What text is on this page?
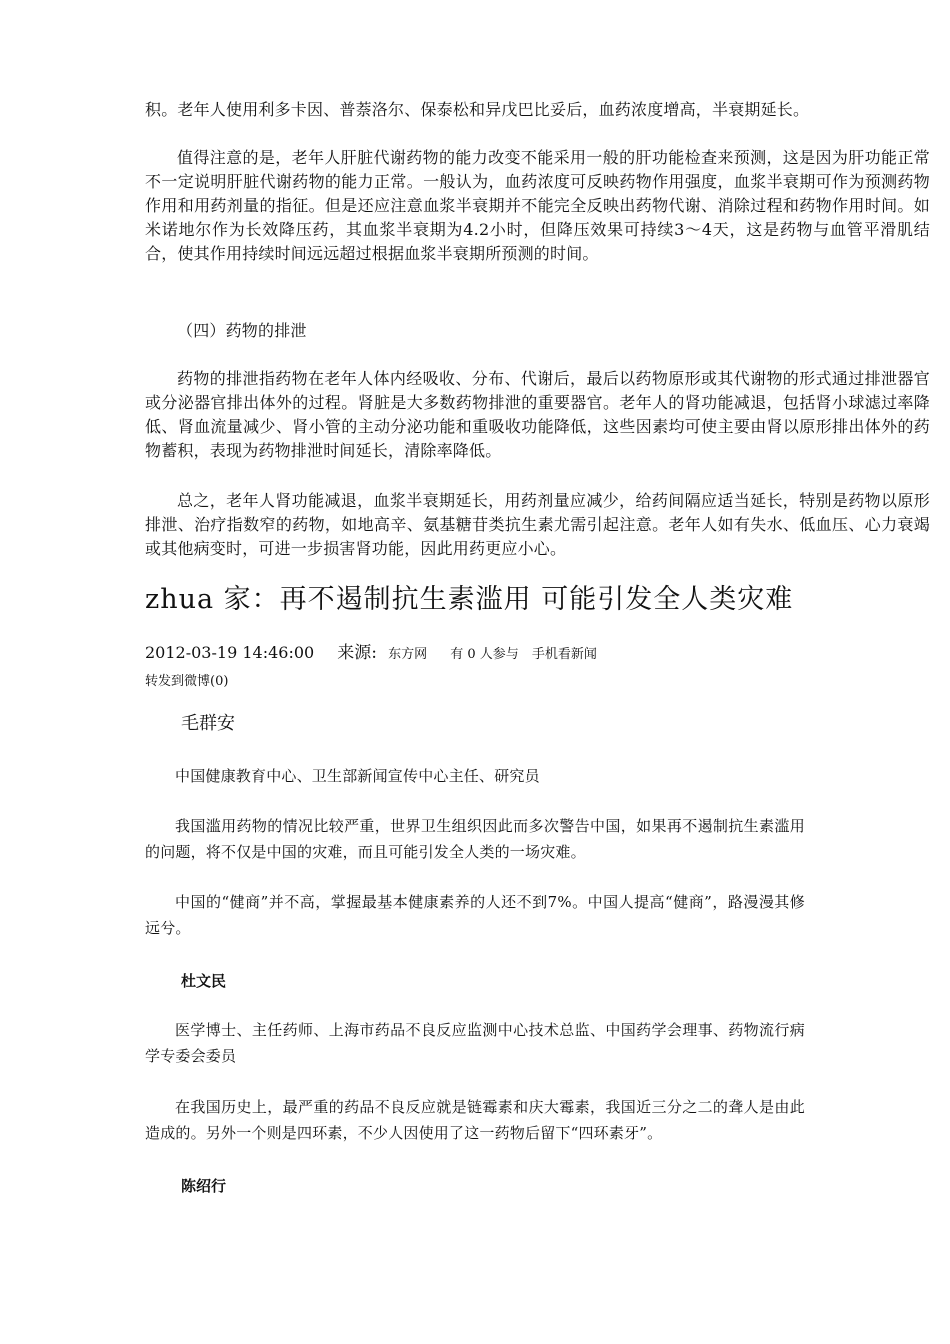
积。老年人使用利多卡因、普萘洛尔、保泰松和异戊巴比妥后，血药浓度增高，半衰期延长。

值得注意的是，老年人肝脏代谢药物的能力改变不能采用一般的肝功能检查来预测，这是因为肝功能正常不一定说明肝脏代谢药物的能力正常。一般认为，血药浓度可反映药物作用强度，血浆半衰期可作为预测药物作用和用药剂量的指征。但是还应注意血浆半衰期并不能完全反映出药物代谢、消除过程和药物作用时间。如米诺地尔作为长效降压药，其血浆半衰期为4.2小时，但降压效果可持续3～4天，这是药物与血管平滑肌结合，使其作用持续时间远远超过根据血浆半衰期所预测的时间。

（四）药物的排泄

药物的排泄指药物在老年人体内经吸收、分布、代谢后，最后以药物原形或其代谢物的形式通过排泄器官或分泌器官排出体外的过程。肾脏是大多数药物排泄的重要器官。老年人的肾功能减退，包括肾小球滤过率降低、肾血流量减少、肾小管的主动分泌功能和重吸收功能降低，这些因素均可使主要由肾以原形排出体外的药物蓄积，表现为药物排泄时间延长，清除率降低。

总之，老年人肾功能减退，血浆半衰期延长，用药剂量应减少，给药间隔应适当延长，特别是药物以原形排泄、治疗指数窄的药物，如地高辛、氨基糖苷类抗生素尤需引起注意。老年人如有失水、低血压、心力衰竭或其他病变时，可进一步损害肾功能，因此用药更应小心。

zhua 家：再不遏制抗生素滥用 可能引发全人类灾难
2012-03-19 14:46:00 来源: 东方网 有 0 人参与 手机看新闻
转发到微博(0)

毛群安

中国健康教育中心、卫生部新闻宣传中心主任、研究员

我国滥用药物的情况比较严重，世界卫生组织因此而多次警告中国，如果再不遏制抗生素滥用的问题，将不仅是中国的灾难，而且可能引发全人类的一场灾难。

中国的“健商”并不高，掌握最基本健康素养的人还不到7%。中国人提高“健商”，路漫漫其修远兮。

杜文民

医学博士、主任药师、上海市药品不良反应监测中心技术总监、中国药学会理事、药物流行病学专委会委员

在我国历史上，最严重的药品不良反应就是链霉素和庆大霉素，我国近三分之二的聋人是由此造成的。另外一个则是四环素，不少人因使用了这一药物后留下“四环素牙”。

陈绍行
